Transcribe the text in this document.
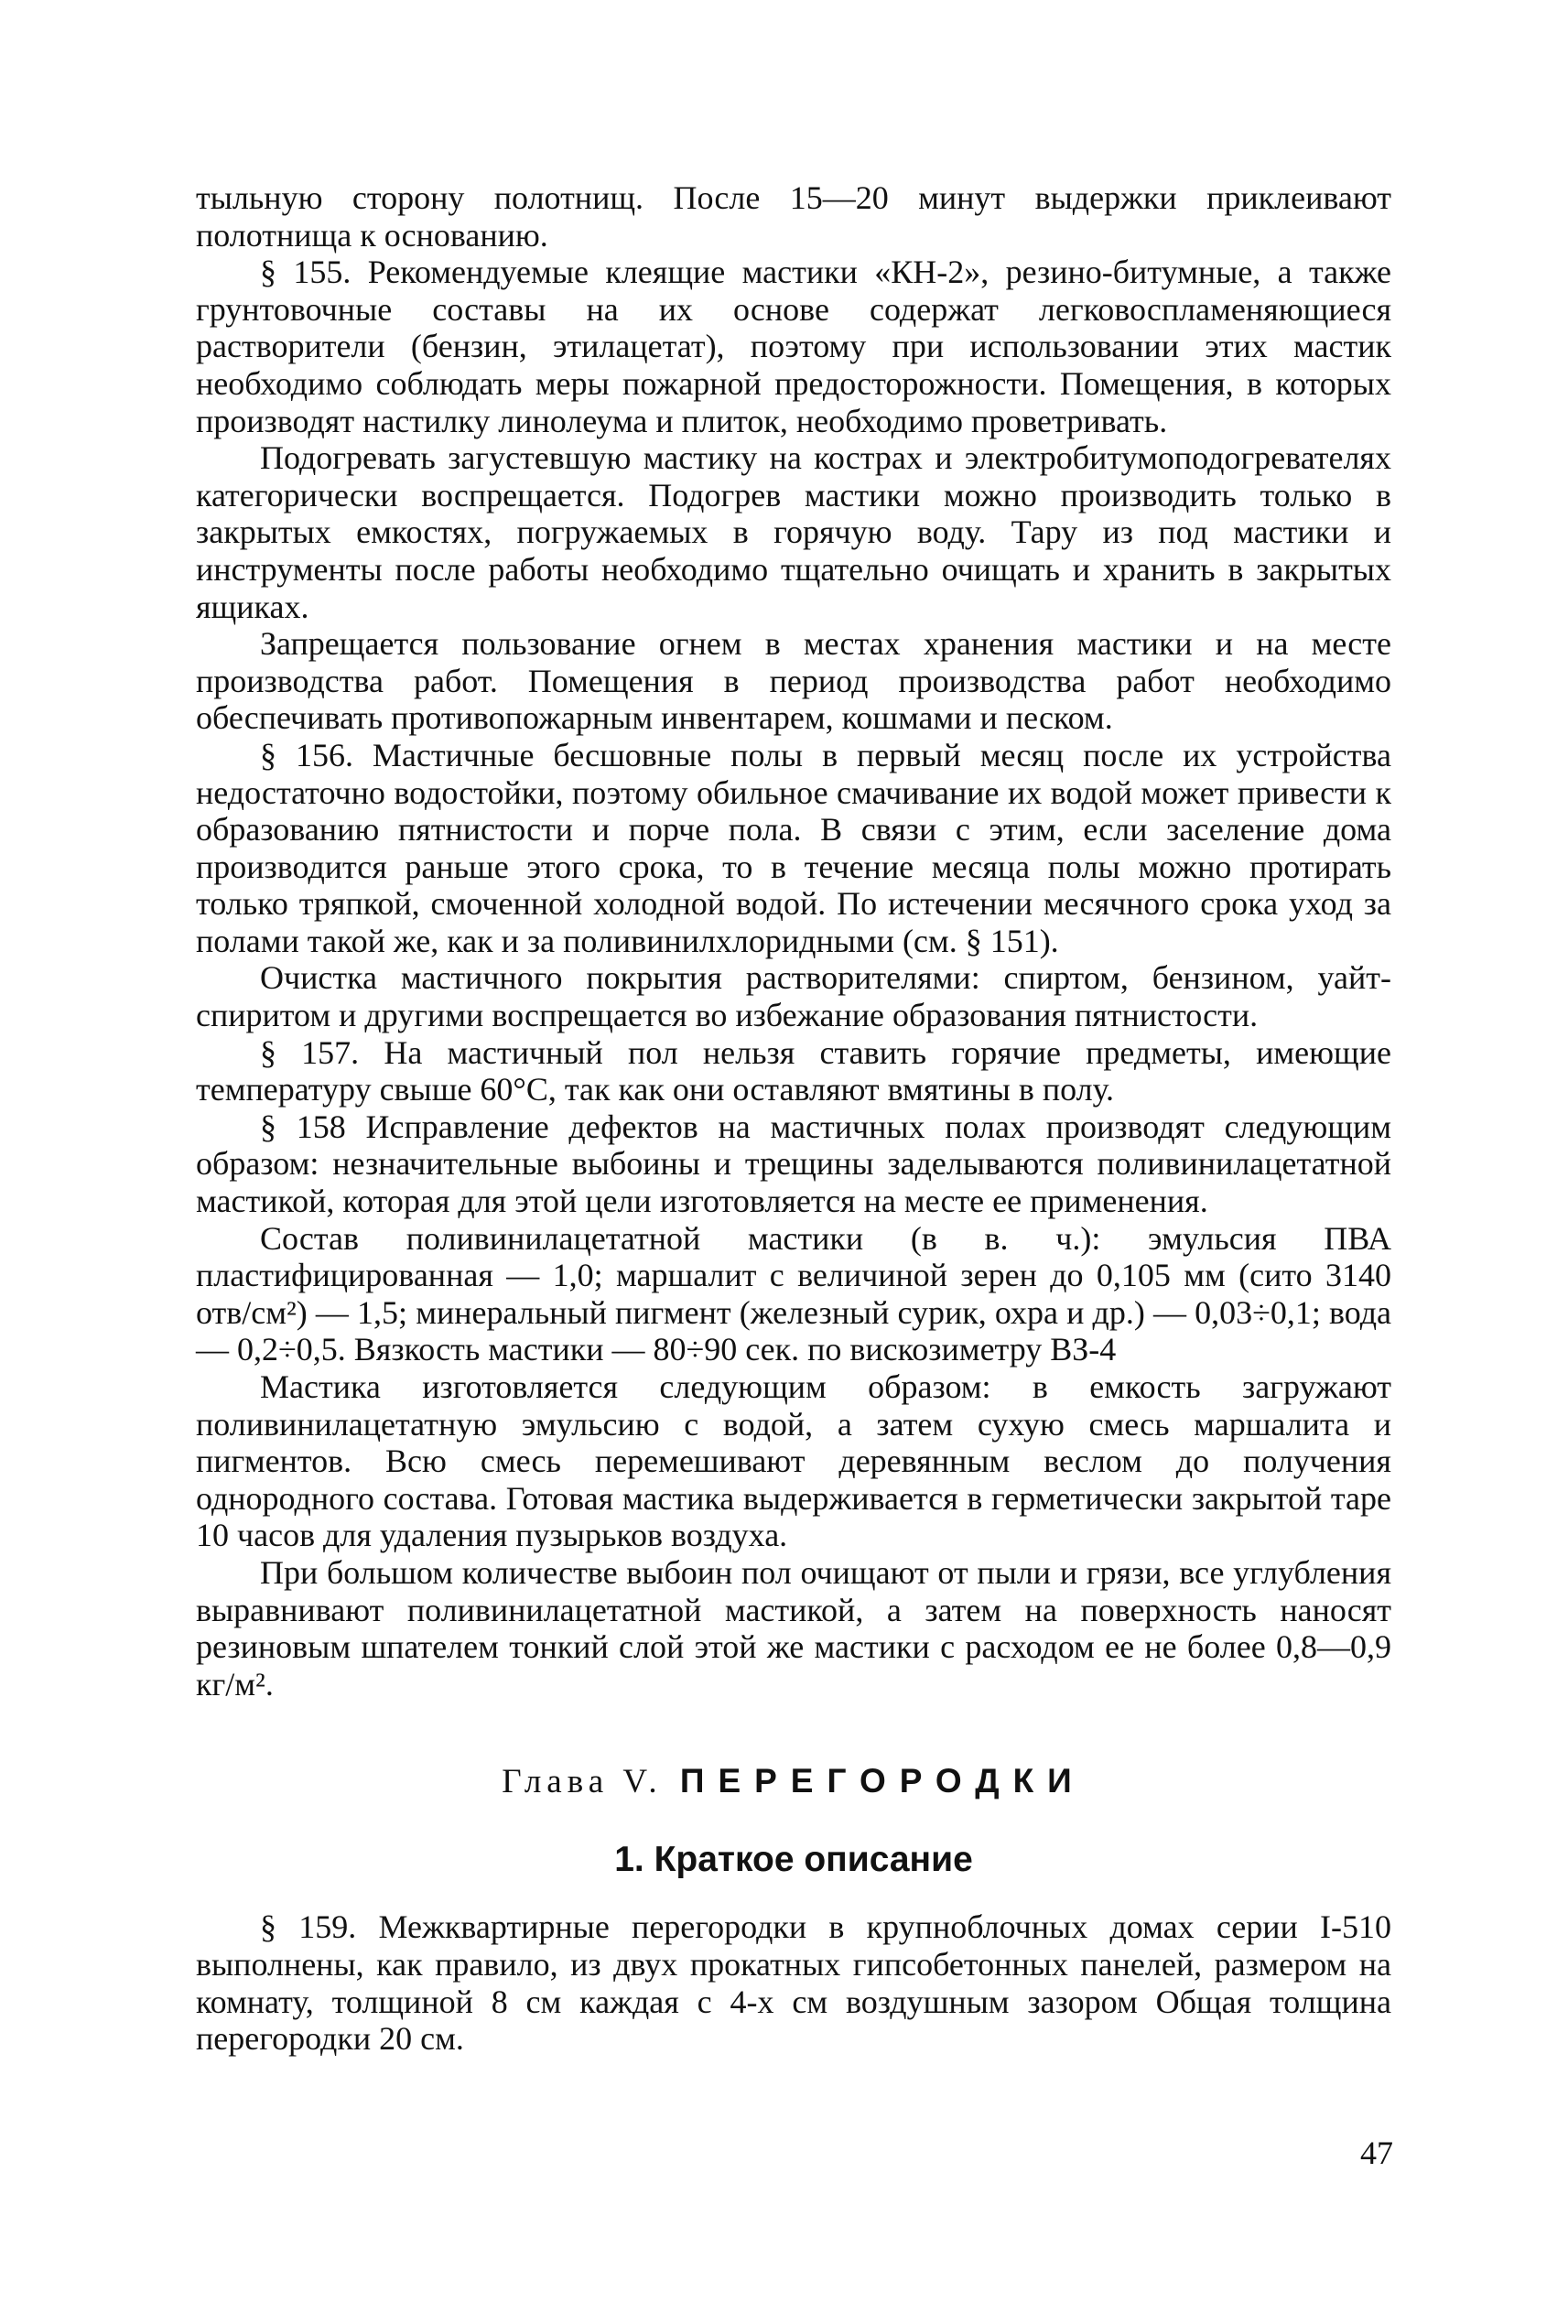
тыльную сторону полотнищ. После 15—20 минут выдержки приклеивают полотнища к основанию.

§ 155. Рекомендуемые клеящие мастики «КН-2», резино-битумные, а также грунтовочные составы на их основе содержат легковоспламеняющиеся растворители (бензин, этилацетат), поэтому при использовании этих мастик необходимо соблюдать меры пожарной предосторожности. Помещения, в которых производят настилку линолеума и плиток, необходимо проветривать.

Подогревать загустевшую мастику на кострах и электробитумоподогревателях категорически воспрещается. Подогрев мастики можно производить только в закрытых емкостях, погружаемых в горячую воду. Тару из под мастики и инструменты после работы необходимо тщательно очищать и хранить в закрытых ящиках.

Запрещается пользование огнем в местах хранения мастики и на месте производства работ. Помещения в период производства работ необходимо обеспечивать противопожарным инвентарем, кошмами и песком.

§ 156. Мастичные бесшовные полы в первый месяц после их устройства недостаточно водостойки, поэтому обильное смачивание их водой может привести к образованию пятнистости и порче пола. В связи с этим, если заселение дома производится раньше этого срока, то в течение месяца полы можно протирать только тряпкой, смоченной холодной водой. По истечении месячного срока уход за полами такой же, как и за поливинилхлоридными (см. § 151).

Очистка мастичного покрытия растворителями: спиртом, бензином, уайт-спиритом и другими воспрещается во избежание образования пятнистости.

§ 157. На мастичный пол нельзя ставить горячие предметы, имеющие температуру свыше 60°С, так как они оставляют вмятины в полу.

§ 158 Исправление дефектов на мастичных полах производят следующим образом: незначительные выбоины и трещины заделываются поливинилацетатной мастикой, которая для этой цели изготовляется на месте ее применения.

Состав поливинилацетатной мастики (в в. ч.): эмульсия ПВА пластифицированная — 1,0; маршалит с величиной зерен до 0,105 мм (сито 3140 отв/см²) — 1,5; минеральный пигмент (железный сурик, охра и др.) — 0,03÷0,1; вода — 0,2÷0,5. Вязкость мастики — 80÷90 сек. по вискозиметру ВЗ-4

Мастика изготовляется следующим образом: в емкость загружают поливинилацетатную эмульсию с водой, а затем сухую смесь маршалита и пигментов. Всю смесь перемешивают деревянным веслом до получения однородного состава. Готовая мастика выдерживается в герметически закрытой таре 10 часов для удаления пузырьков воздуха.

При большом количестве выбоин пол очищают от пыли и грязи, все углубления выравнивают поливинилацетатной мастикой, а затем на поверхность наносят резиновым шпателем тонкий слой этой же мастики с расходом ее не более 0,8—0,9 кг/м².

Глава V. ПЕРЕГОРОДКИ
1. Краткое описание

§ 159. Межквартирные перегородки в крупноблочных домах серии I-510 выполнены, как правило, из двух прокатных гипсобетонных панелей, размером на комнату, толщиной 8 см каждая с 4-х см воздушным зазором Общая толщина перегородки 20 см.

47
